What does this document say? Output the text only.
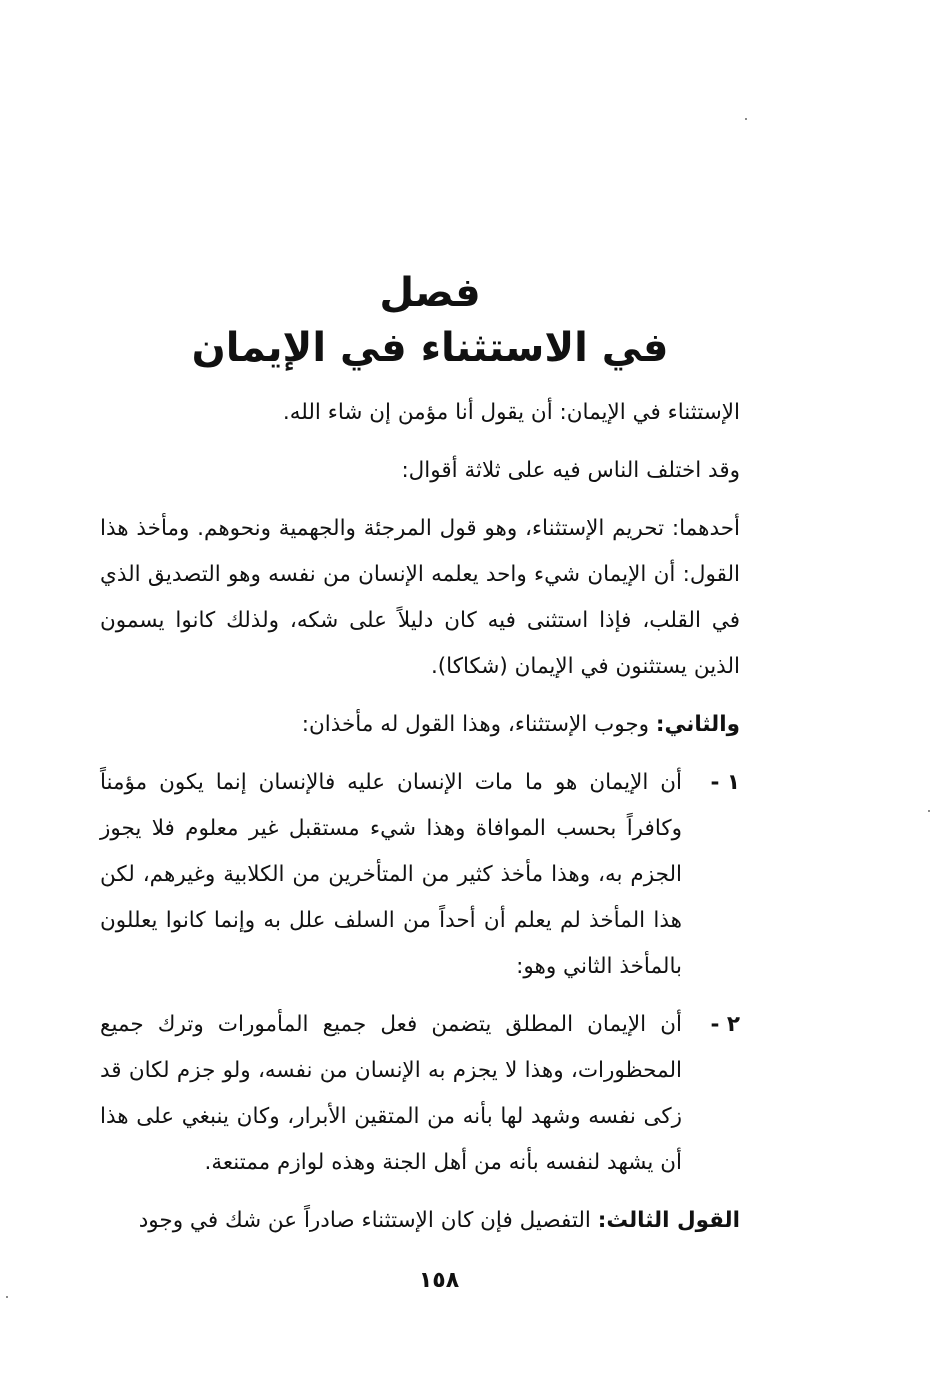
فصل
في الاستثناء في الإيمان

الإستثناء في الإيمان: أن يقول أنا مؤمن إن شاء الله.

وقد اختلف الناس فيه على ثلاثة أقوال:

أحدهما: تحريم الإستثناء، وهو قول المرجئة والجهمية ونحوهم. ومأخذ هذا القول: أن الإيمان شيء واحد يعلمه الإنسان من نفسه وهو التصديق الذي في القلب، فإذا استثنى فيه كان دليلاً على شكه، ولذلك كانوا يسمون الذين يستثنون في الإيمان (شكاكا).

والثاني: وجوب الإستثناء، وهذا القول له مأخذان:

١ -
أن الإيمان هو ما مات الإنسان عليه فالإنسان إنما يكون مؤمناً وكافراً بحسب الموافاة وهذا شيء مستقبل غير معلوم فلا يجوز الجزم به، وهذا مأخذ كثير من المتأخرين من الكلابية وغيرهم، لكن هذا المأخذ لم يعلم أن أحداً من السلف علل به وإنما كانوا يعللون بالمأخذ الثاني وهو:
٢ -
أن الإيمان المطلق يتضمن فعل جميع المأمورات وترك جميع المحظورات، وهذا لا يجزم به الإنسان من نفسه، ولو جزم لكان قد زكى نفسه وشهد لها بأنه من المتقين الأبرار، وكان ينبغي على هذا أن يشهد لنفسه بأنه من أهل الجنة وهذه لوازم ممتنعة.

القول الثالث: التفصيل فإن كان الإستثناء صادراً عن شك في وجود

١٥٨
